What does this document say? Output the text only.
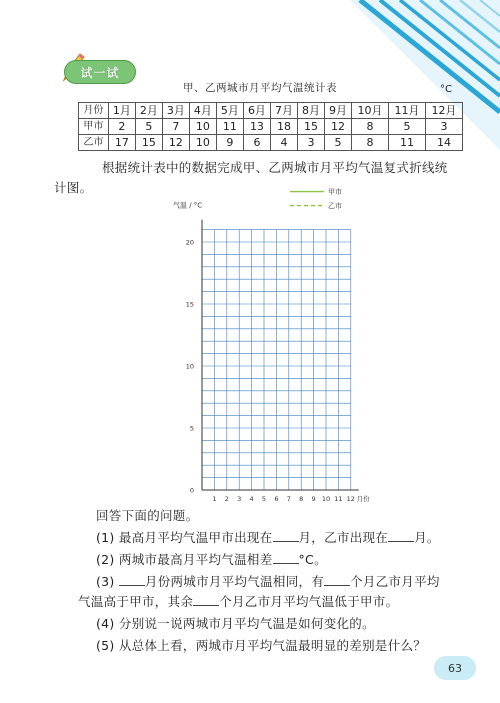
试一试
甲、乙两城市月平均气温统计表	°C
月份	1月	2月	3月	4月	5月	6月	7月	8月	9月	10月	11月	12月
甲市	2	5	7	10	11	13	18	15	12	8	5	3
乙市	17	15	12	10	9	6	4	3	5	8	11	14
根据统计表中的数据完成甲、乙两城市月平均气温复式折线统
计图。
1 2 3 4 5 6 7 8 9 10 11 12
0
5
10
15
20
气温 / °C
月份
甲市
乙市
回答下面的问题。
(1) 最高月平均气温甲市出现在 月，乙市出现在 月。
(2) 两城市最高月平均气温相差 °C。
(3) 月份两城市月平均气温相同，有 个月乙市月平均
气温高于甲市，其余 个月乙市月平均气温低于甲市。
(4) 分别说一说两城市月平均气温是如何变化的。
(5) 从总体上看，两城市月平均气温最明显的差别是什么？
63
